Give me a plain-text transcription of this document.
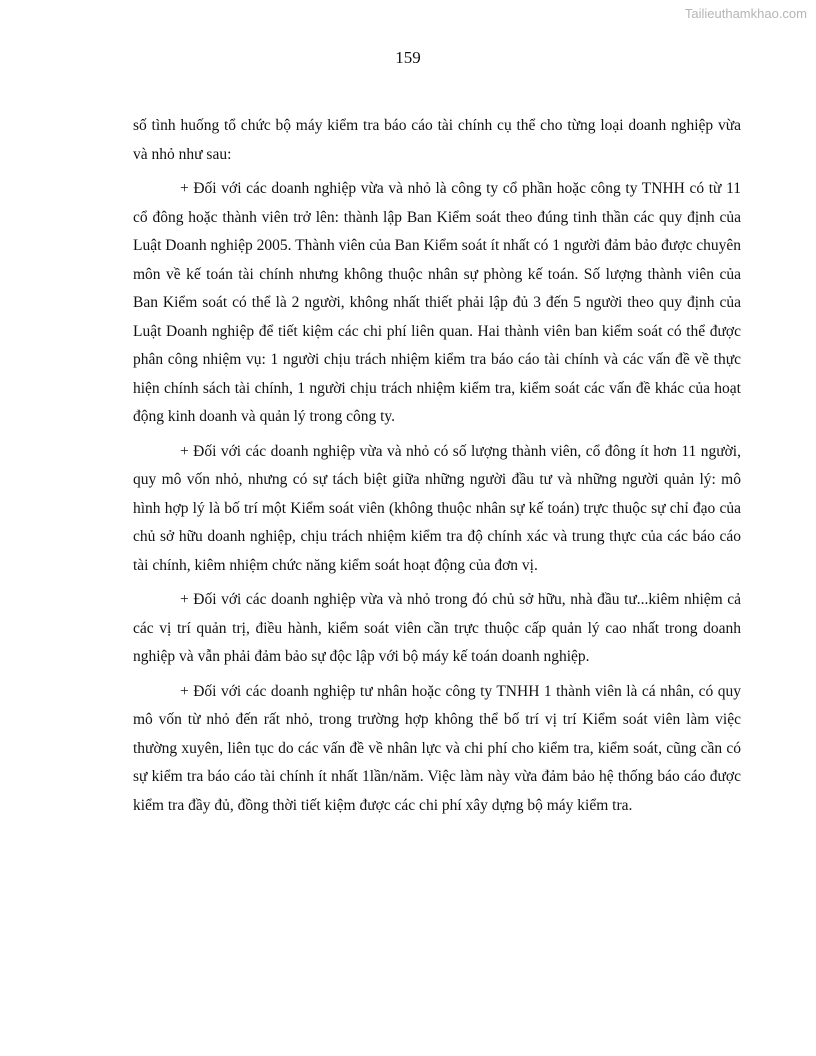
Tailieuthamkhao.com
159

số tình huống tổ chức bộ máy kiểm tra báo cáo tài chính cụ thể cho từng loại doanh nghiệp vừa và nhỏ như sau:

+ Đối với các doanh nghiệp vừa và nhỏ là công ty cổ phần hoặc công ty TNHH có từ 11 cổ đông hoặc thành viên trở lên: thành lập Ban Kiểm soát theo đúng tinh thần các quy định của Luật Doanh nghiệp 2005. Thành viên của Ban Kiểm soát ít nhất có 1 người đảm bảo được chuyên môn về kế toán tài chính nhưng không thuộc nhân sự phòng kế toán. Số lượng thành viên của Ban Kiểm soát có thể là 2 người, không nhất thiết phải lập đủ 3 đến 5 người theo quy định của Luật Doanh nghiệp để tiết kiệm các chi phí liên quan. Hai thành viên ban kiểm soát có thể được phân công nhiệm vụ: 1 người chịu trách nhiệm kiểm tra báo cáo tài chính và các vấn đề về thực hiện chính sách tài chính, 1 người chịu trách nhiệm kiểm tra, kiểm soát các vấn đề khác của hoạt động kinh doanh và quản lý trong công ty.

+ Đối với các doanh nghiệp vừa và nhỏ có số lượng thành viên, cổ đông ít hơn 11 người, quy mô vốn nhỏ, nhưng có sự tách biệt giữa những người đầu tư và những người quản lý: mô hình hợp lý là bố trí một Kiểm soát viên (không thuộc nhân sự kế toán) trực thuộc sự chỉ đạo của chủ sở hữu doanh nghiệp, chịu trách nhiệm kiểm tra độ chính xác và trung thực của các báo cáo tài chính, kiêm nhiệm chức năng kiểm soát hoạt động của đơn vị.

+ Đối với các doanh nghiệp vừa và nhỏ trong đó chủ sở hữu, nhà đầu tư...kiêm nhiệm cả các vị trí quản trị, điều hành, kiểm soát viên cần trực thuộc cấp quản lý cao nhất trong doanh nghiệp và vẫn phải đảm bảo sự độc lập với bộ máy kế toán doanh nghiệp.

+ Đối với các doanh nghiệp tư nhân hoặc công ty TNHH 1 thành viên là cá nhân, có quy mô vốn từ nhỏ đến rất nhỏ, trong trường hợp không thể bố trí vị trí Kiểm soát viên làm việc thường xuyên, liên tục do các vấn đề về nhân lực và chi phí cho kiểm tra, kiểm soát, cũng cần có sự kiểm tra báo cáo tài chính ít nhất 1lần/năm. Việc làm này vừa đảm bảo hệ thống báo cáo được kiểm tra đầy đủ, đồng thời tiết kiệm được các chi phí xây dựng bộ máy kiểm tra.
